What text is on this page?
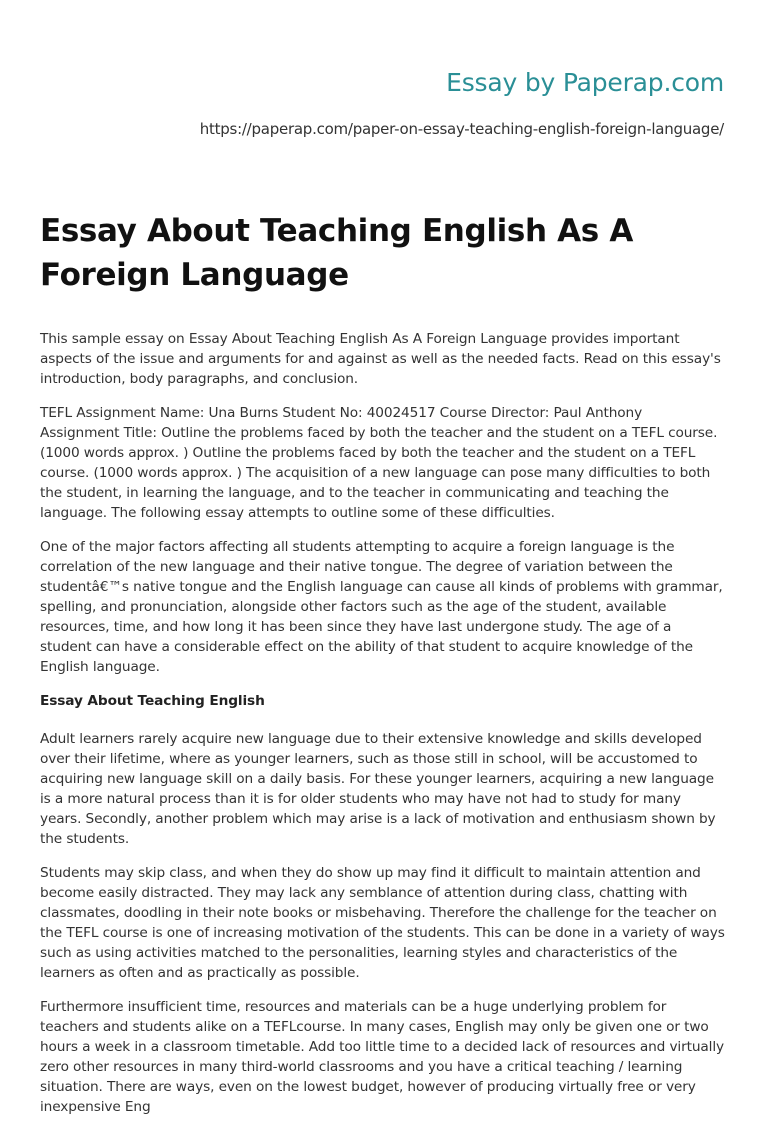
Essay by Paperap.com
https://paperap.com/paper-on-essay-teaching-english-foreign-language/
Essay About Teaching English As A Foreign Language

This sample essay on Essay About Teaching English As A Foreign Language provides important aspects of the issue and arguments for and against as well as the needed facts. Read on this essay's introduction, body paragraphs, and conclusion.

TEFL Assignment Name: Una Burns Student No: 40024517 Course Director: Paul Anthony Assignment Title: Outline the problems faced by both the teacher and the student on a TEFL course. (1000 words approx. ) Outline the problems faced by both the teacher and the student on a TEFL course. (1000 words approx. ) The acquisition of a new language can pose many difficulties to both the student, in learning the language, and to the teacher in communicating and teaching the language. The following essay attempts to outline some of these difficulties.

One of the major factors affecting all students attempting to acquire a foreign language is the correlation of the new language and their native tongue. The degree of variation between the studentâ€™s native tongue and the English language can cause all kinds of problems with grammar, spelling, and pronunciation, alongside other factors such as the age of the student, available resources, time, and how long it has been since they have last undergone study. The age of a student can have a considerable effect on the ability of that student to acquire knowledge of the English language.

Essay About Teaching English

Adult learners rarely acquire new language due to their extensive knowledge and skills developed over their lifetime, where as younger learners, such as those still in school, will be accustomed to acquiring new language skill on a daily basis. For these younger learners, acquiring a new language is a more natural process than it is for older students who may have not had to study for many years. Secondly, another problem which may arise is a lack of motivation and enthusiasm shown by the students.

Students may skip class, and when they do show up may find it difficult to maintain attention and become easily distracted. They may lack any semblance of attention during class, chatting with classmates, doodling in their note books or misbehaving. Therefore the challenge for the teacher on the TEFL course is one of increasing motivation of the students. This can be done in a variety of ways such as using activities matched to the personalities, learning styles and characteristics of the learners as often and as practically as possible.

Furthermore insufficient time, resources and materials can be a huge underlying problem for teachers and students alike on a TEFLcourse. In many cases, English may only be given one or two hours a week in a classroom timetable. Add too little time to a decided lack of resources and virtually zero other resources in many third-world classrooms and you have a critical teaching / learning situation. There are ways, even on the lowest budget, however of producing virtually free or very inexpensive Eng
